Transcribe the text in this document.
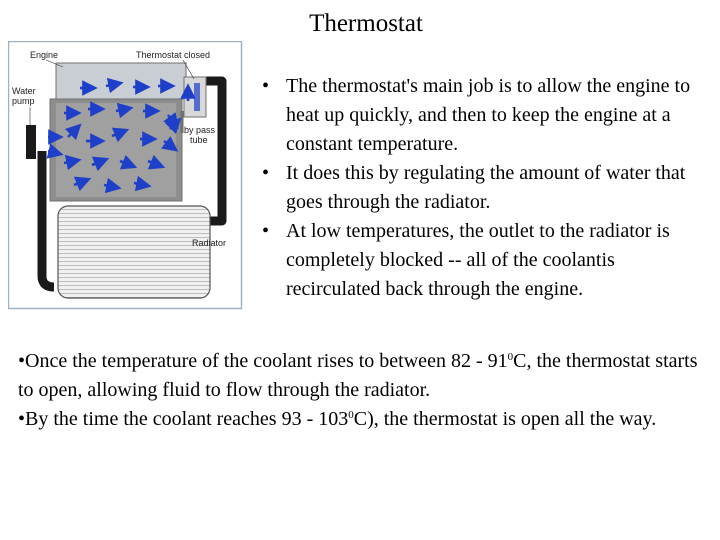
Thermostat
Engine	Thermostat closed
Water
pump
by pass
tube
Radiator
• The thermostat's main job is to allow the engine to heat up quickly, and then to keep the engine at a constant temperature.
• It does this by regulating the amount of water that goes through the radiator.
• At low temperatures, the outlet to the radiator is completely blocked -- all of the coolantis recirculated back through the engine.

•Once the temperature of the coolant rises to between $82 - 91^0C$, the thermostat starts to open, allowing fluid to flow through the radiator.

•By the time the coolant reaches $93 - 103^0C$), the thermostat is open all the way.
